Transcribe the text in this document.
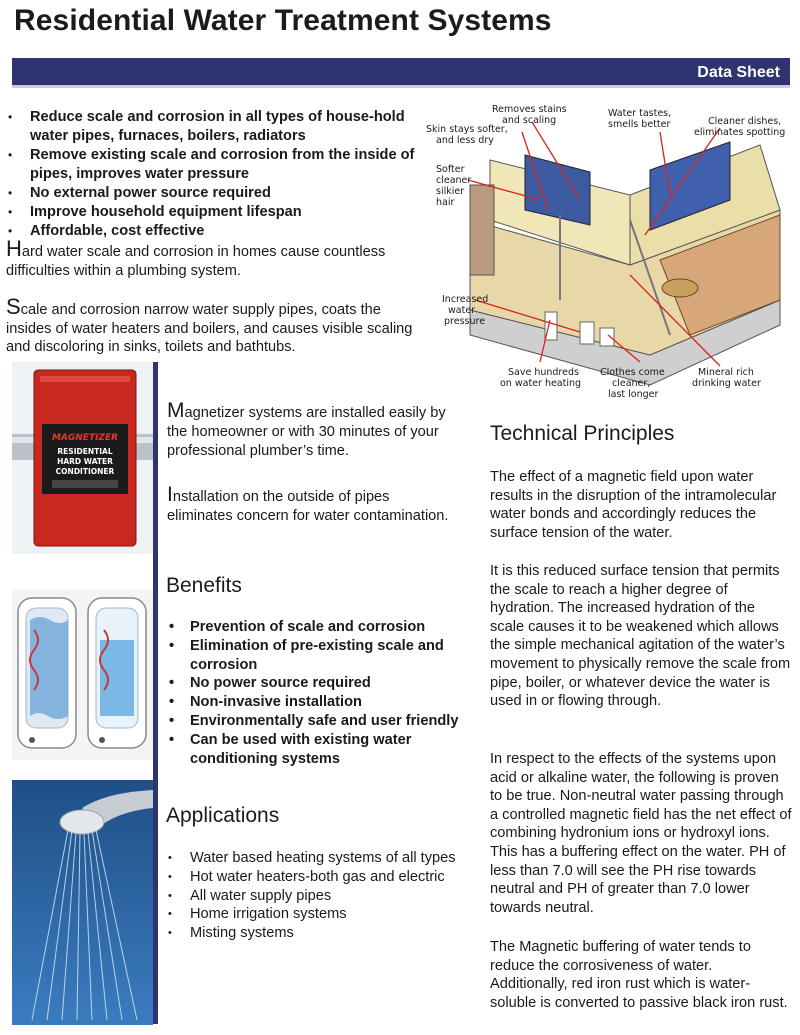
Residential Water Treatment Systems
Data Sheet
• Reduce scale and corrosion in all types of house-hold water pipes, furnaces, boilers, radiators
• Remove existing scale and corrosion from the inside of pipes, improves water pressure
• No external power source required
• Improve household equipment lifespan
• Affordable, cost effective

Hard water scale and corrosion in homes cause countless difficulties within a plumbing system.

Scale and corrosion narrow water supply pipes, coats the insides of water heaters and boilers, and causes visible scaling and discoloring in sinks, toilets and bathtubs.

Removes stains
and scaling
Water tastes,
smells better	Cleaner dishes,
eliminates spotting
Skin stays softer,
and less dry
Softer
cleaner
silkier
hair
Increased
water
pressure
Save hundreds
on water heating
Clothes come
cleaner,
last longer
Mineral rich
drinking water
MAGNETIZER
RESIDENTIAL
HARD WATER
CONDITIONER

Magnetizer systems are installed easily by the homeowner or with 30 minutes of your professional plumber’s time.

Installation on the outside of pipes eliminates concern for water contamination.

Benefits
• Prevention of scale and corrosion
• Elimination of pre-existing scale and corrosion
• No power source required
• Non-invasive installation
• Environmentally safe and user friendly
• Can be used with existing water conditioning systems
Applications
• Water based heating systems of all types
• Hot water heaters-both gas and electric
• All water supply pipes
• Home irrigation systems
• Misting systems
Technical Principles

The effect of a magnetic field upon water results in the disruption of the intramolecular water bonds and accordingly reduces the surface tension of the water.

It is this reduced surface tension that permits the scale to reach a higher degree of hydration. The increased hydration of the scale causes it to be weakened which allows the simple mechanical agitation of the water’s movement to physically remove the scale from pipe, boiler, or whatever device the water is used in or flowing through.

In respect to the effects of the systems upon acid or alkaline water, the following is proven to be true. Non-neutral water passing through a controlled magnetic field has the net effect of combining hydronium ions or hydroxyl ions. This has a buffering effect on the water. PH of less than 7.0 will see the PH rise towards neutral and PH of greater than 7.0 lower towards neutral.

The Magnetic buffering of water tends to reduce the corrosiveness of water. Additionally, red iron rust which is water-soluble is converted to passive black iron rust.
